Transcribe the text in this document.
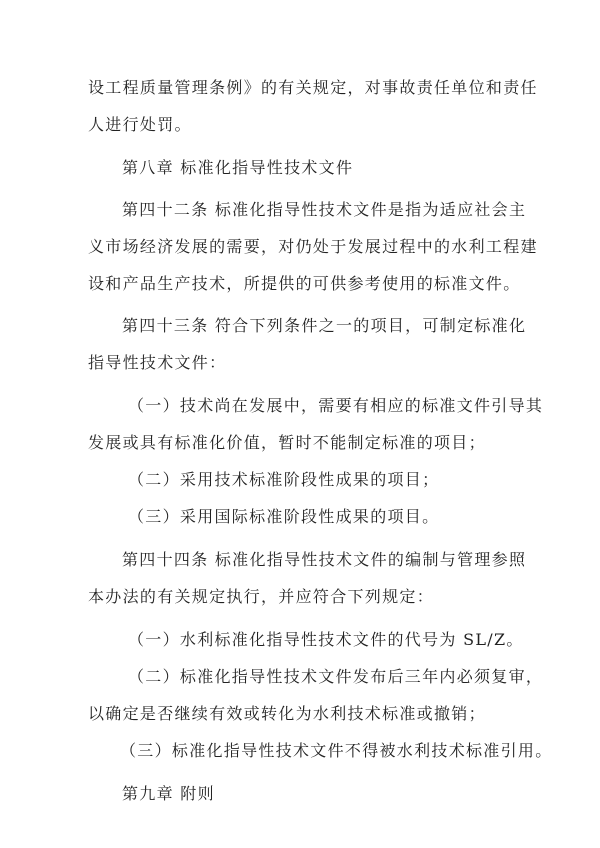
设工程质量管理条例》的有关规定，对事故责任单位和责任
人进行处罚。
第八章 标准化指导性技术文件
第四十二条 标准化指导性技术文件是指为适应社会主
义市场经济发展的需要，对仍处于发展过程中的水利工程建
设和产品生产技术，所提供的可供参考使用的标准文件。
第四十三条 符合下列条件之一的项目，可制定标准化
指导性技术文件：
（一）技术尚在发展中，需要有相应的标准文件引导其
发展或具有标准化价值，暂时不能制定标准的项目；
（二）采用技术标准阶段性成果的项目；
（三）采用国际标准阶段性成果的项目。
第四十四条 标准化指导性技术文件的编制与管理参照
本办法的有关规定执行，并应符合下列规定：
（一）水利标准化指导性技术文件的代号为 SL/Z。
（二）标准化指导性技术文件发布后三年内必须复审，
以确定是否继续有效或转化为水利技术标准或撤销；
（三）标准化指导性技术文件不得被水利技术标准引用。
第九章 附则
